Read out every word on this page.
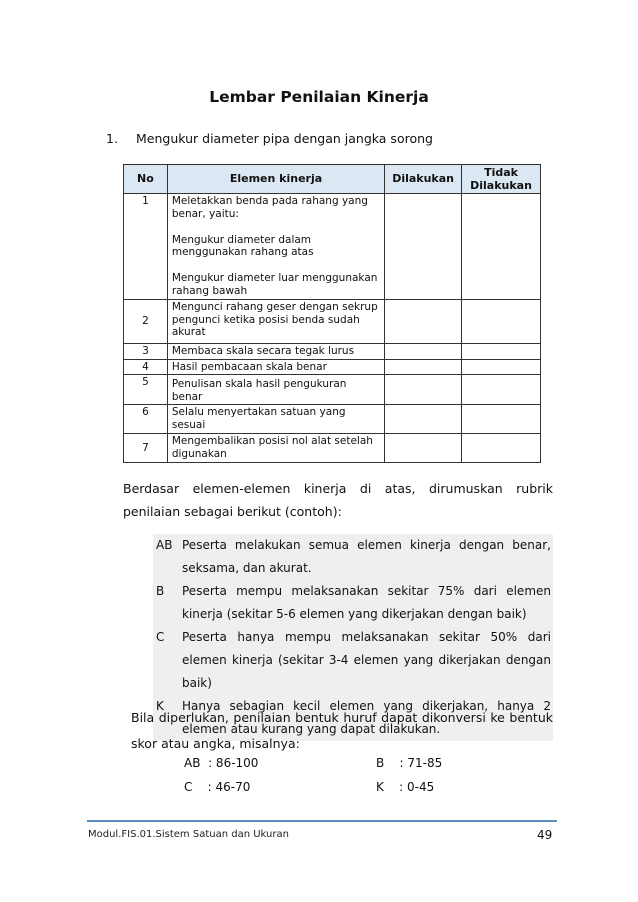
Lembar Penilaian Kinerja
1. Mengukur diameter pipa dengan jangka sorong
No	Elemen kinerja	Dilakukan	Tidak
Dilakukan

1	Meletakkan benda pada rahang yang benar, yaitu:
Mengukur diameter dalam menggunakan rahang atas
Mengukur diameter luar menggunakan rahang bawah		

2	Mengunci rahang geser dengan sekrup pengunci ketika posisi benda sudah akurat		
3	Membaca skala secara tegak lurus		
4	Hasil pembacaan skala benar		
5	Penulisan skala hasil pengukuran benar		
6	Selalu menyertakan satuan yang sesuai		
7	Mengembalikan posisi nol alat setelah digunakan		
Berdasar elemen-elemen kinerja di atas, dirumuskan rubrik penilaian sebagai berikut (contoh):
AB	Peserta melakukan semua elemen kinerja dengan benar, seksama, dan akurat.
B	Peserta mempu melaksanakan sekitar 75% dari elemen kinerja (sekitar 5-6 elemen yang dikerjakan dengan baik)
C	Peserta hanya mempu melaksanakan sekitar 50% dari elemen kinerja (sekitar 3-4 elemen yang dikerjakan dengan baik)
K	Hanya sebagian kecil elemen yang dikerjakan, hanya 2 elemen atau kurang yang dapat dilakukan.
Bila diperlukan, penilaian bentuk huruf dapat dikonversi ke bentuk skor atau angka, misalnya:
AB  : 86-100	B    : 71-85
C    : 46-70	K    : 0-45
Modul.FIS.01.Sistem Satuan dan Ukuran	49
